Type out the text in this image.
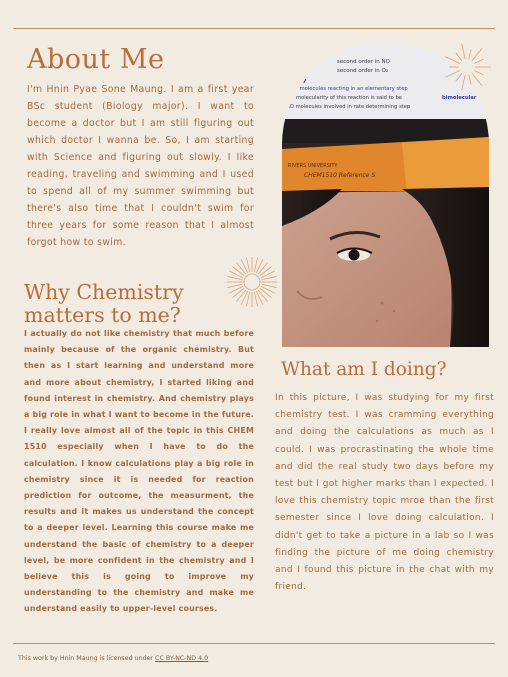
About Me
I'm Hnin Pyae Sone Maung. I am a first year BSc student (Biology major). I want to become a doctor but I am still figuring out which doctor I wanna be. So, I am starting with Science and figuring out slowly. I like reading, traveling and swimming and I used to spend all of my summer swimming but there's also time that I couldn't swim for three years for some reason that I almost forgot how to swim.
Why Chemistry matters to me?
I actually do not like chemistry that much before mainly because of the organic chemistry. But then as I start learning and understand more and more about chemistry, I started liking and found interest in chemistry. And chemistry plays a big role in what I want to become in the future. I really love almost all of the topic in this CHEM 1510 especially when I have to do the calculation. I know calculations play a big role in chemistry since it is needed for reaction prediction for outcome, the measurment, the results and it makes us understand the concept to a deeper level. Learning this course make me understand the basic of chemistry to a deeper level, be more confident in the chemistry and I believe this is going to improve my understanding to the chemistry and make me understand easily to upper-level courses.
second order in NO
second order in O₂
ularity
er of molecules reacting in an elementary step
molecularity of this reaction is said to be	bimolecular
NO molecules involved in rate determining step
RIVERS UNIVERSITY
CHEM1510 Reference S
What am I doing?
In this picture, I was studying for my first chemistry test. I was cramming everything and doing the calculations as much as I could. I was procrastinating the whole time and did the real study two days before my test but I got higher marks than I expected. I love this chemistry topic mroe than the first semester since I love doing calculation. I didn't get to take a picture in a lab so I was finding the picture of me doing chemistry and I found this picture in the chat with my friend.
This work by Hnin Maung is licensed under CC BY-NC-ND 4.0
